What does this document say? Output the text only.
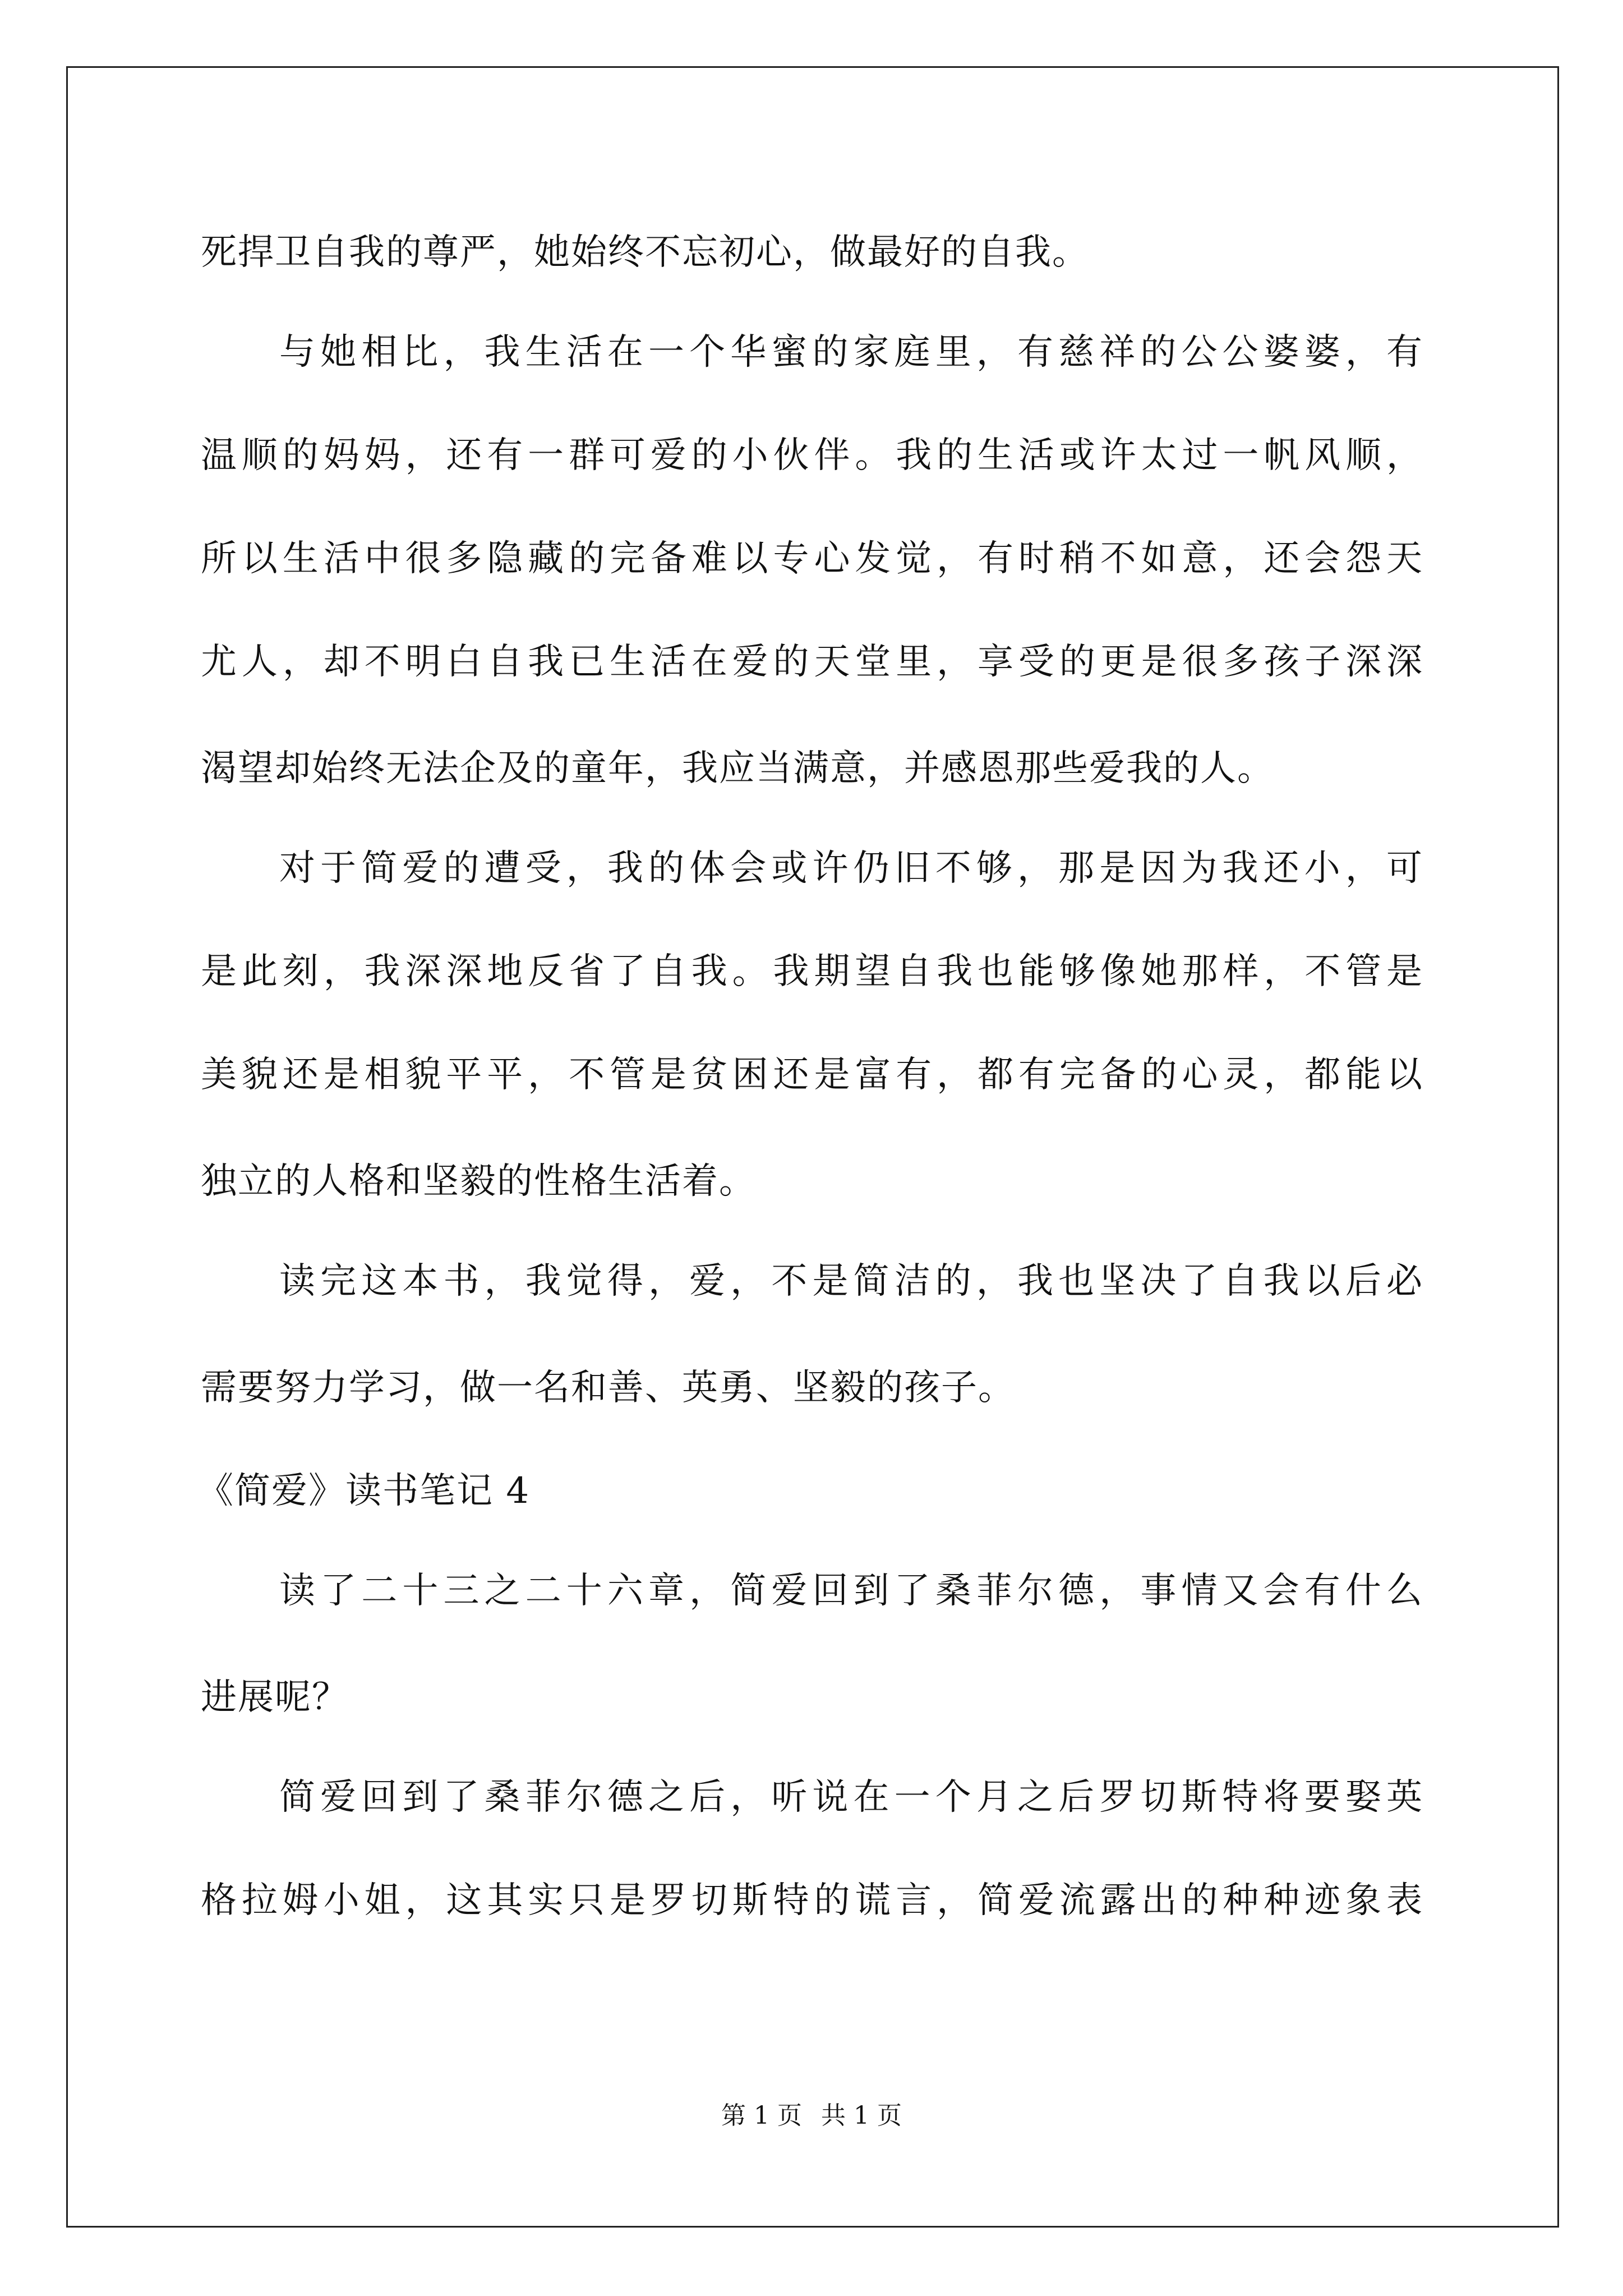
死捍卫自我的尊严，她始终不忘初心，做最好的自我。
与她相比，我生活在一个华蜜的家庭里，有慈祥的公公婆婆，有
温顺的妈妈，还有一群可爱的小伙伴。我的生活或许太过一帆风顺，
所以生活中很多隐藏的完备难以专心发觉，有时稍不如意，还会怨天
尤人，却不明白自我已生活在爱的天堂里，享受的更是很多孩子深深
渴望却始终无法企及的童年，我应当满意，并感恩那些爱我的人。
对于简爱的遭受，我的体会或许仍旧不够，那是因为我还小，可
是此刻，我深深地反省了自我。我期望自我也能够像她那样，不管是
美貌还是相貌平平，不管是贫困还是富有，都有完备的心灵，都能以
独立的人格和坚毅的性格生活着。
读完这本书，我觉得，爱，不是简洁的，我也坚决了自我以后必
需要努力学习，做一名和善、英勇、坚毅的孩子。
《简爱》读书笔记 4
读了二十三之二十六章，简爱回到了桑菲尔德，事情又会有什么
进展呢？
简爱回到了桑菲尔德之后，听说在一个月之后罗切斯特将要娶英
格拉姆小姐，这其实只是罗切斯特的谎言，简爱流露出的种种迹象表
第 1 页 共 1 页
